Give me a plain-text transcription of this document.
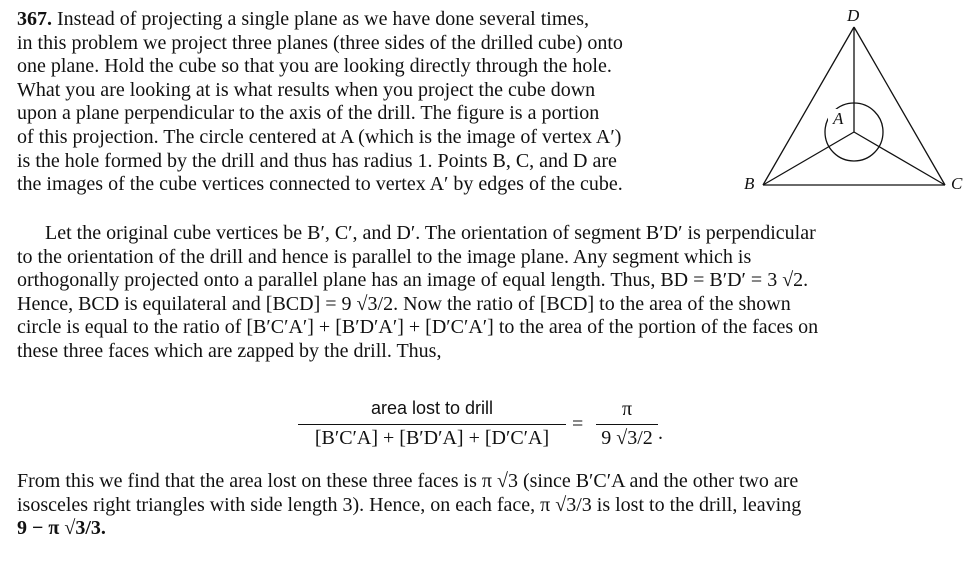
367. Instead of projecting a single plane as we have done several times,
in this problem we project three planes (three sides of the drilled cube) onto
one plane. Hold the cube so that you are looking directly through the hole.
What you are looking at is what results when you project the cube down
upon a plane perpendicular to the axis of the drill. The figure is a portion
of this projection. The circle centered at A (which is the image of vertex A′)
is the hole formed by the drill and thus has radius 1. Points B, C, and D are
the images of the cube vertices connected to vertex A′ by edges of the cube.

A
D
B	C

Let the original cube vertices be B′, C′, and D′. The orientation of segment B′D′ is perpendicular
to the orientation of the drill and hence is parallel to the image plane. Any segment which is
orthogonally projected onto a parallel plane has an image of equal length. Thus, BD = B′D′ = 3 √2.
Hence, BCD is equilateral and [BCD] = 9 √3/2. Now the ratio of [BCD] to the area of the shown
circle is equal to the ratio of [B′C′A′] + [B′D′A′] + [D′C′A′] to the area of the portion of the faces on
these three faces which are zapped by the drill. Thus,

area lost to drill
[B′C′A] + [B′D′A] + [D′C′A]
=
π
9 √3/2 .

From this we find that the area lost on these three faces is π √3 (since B′C′A and the other two are
isosceles right triangles with side length 3). Hence, on each face, π √3/3 is lost to the drill, leaving
9 − π √3/3.
